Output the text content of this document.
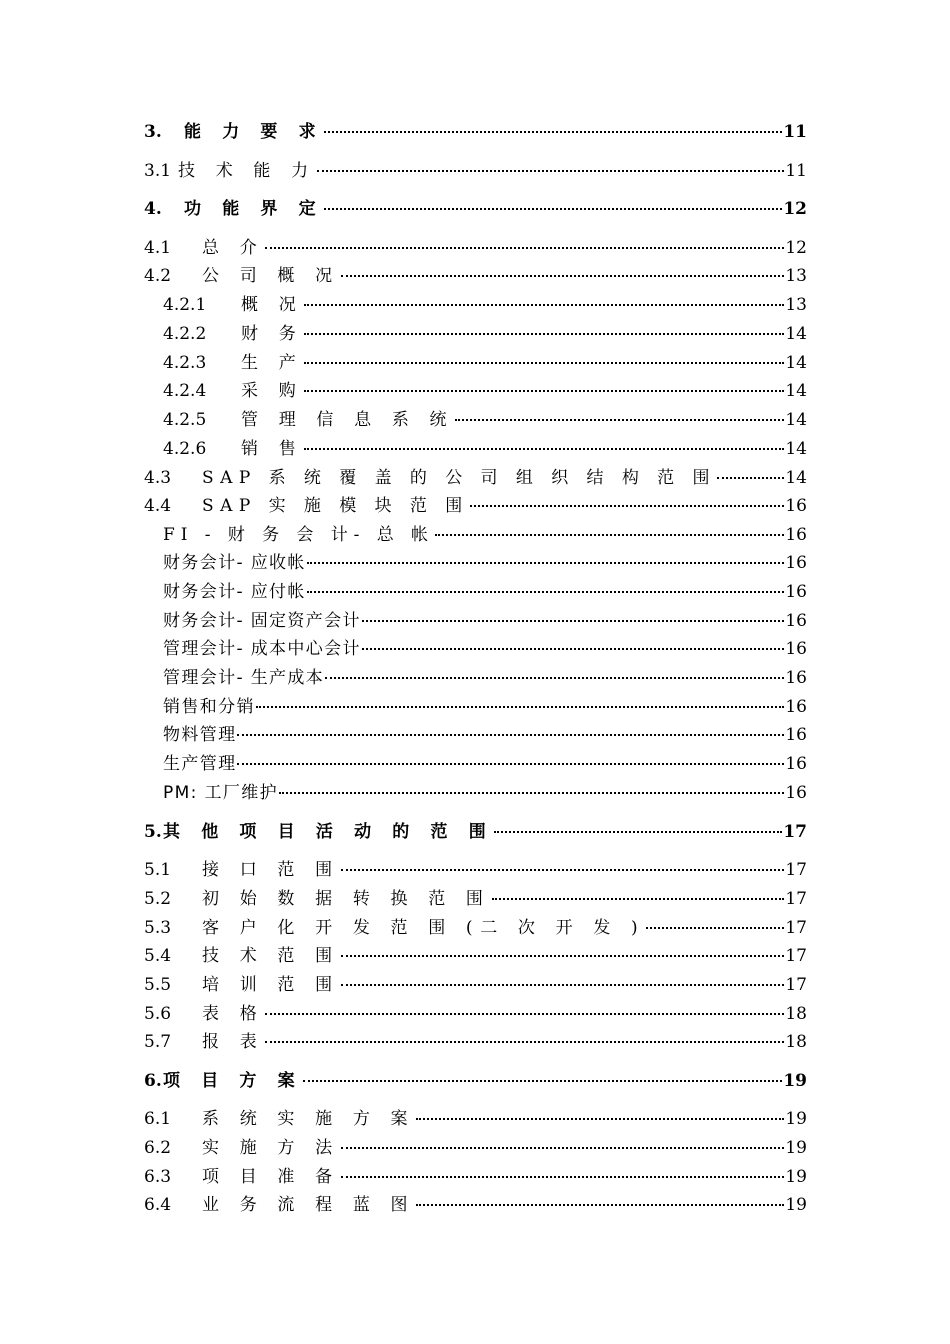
3.	能 力 要 求	11
3.1 技 术 能 力	11
4.	功 能 界 定	12
4.1	总 介	12
4.2	公 司 概 况	13
4.2.1	概 况	13
4.2.2	财 务	14
4.2.3	生 产	14
4.2.4	采 购	14
4.2.5	管 理 信 息 系 统	14
4.2.6	销 售	14
4.3	SAP 系 统 覆 盖 的 公 司 组 织 结 构 范 围	14
4.4	SAP 实 施 模 块 范 围	16
FI - 财 务 会 计- 总 帐	16
财务会计- 应收帐	16
财务会计- 应付帐	16
财务会计- 固定资产会计	16
管理会计- 成本中心会计	16
管理会计- 生产成本	16
销售和分销	16
物料管理	16
生产管理	16
PM: 工厂维护	16
5. 其 他 项 目 活 动 的 范 围	17
5.1	接 口 范 围	17
5.2	初 始 数 据 转 换 范 围	17
5.3	客 户 化 开 发 范 围 (二 次 开 发 )	17
5.4	技 术 范 围	17
5.5	培 训 范 围	17
5.6	表 格	18
5.7	报 表	18
6. 项 目 方 案	19
6.1	系 统 实 施 方 案	19
6.2	实 施 方 法	19
6.3	项 目 准 备	19
6.4	业 务 流 程 蓝 图	19
